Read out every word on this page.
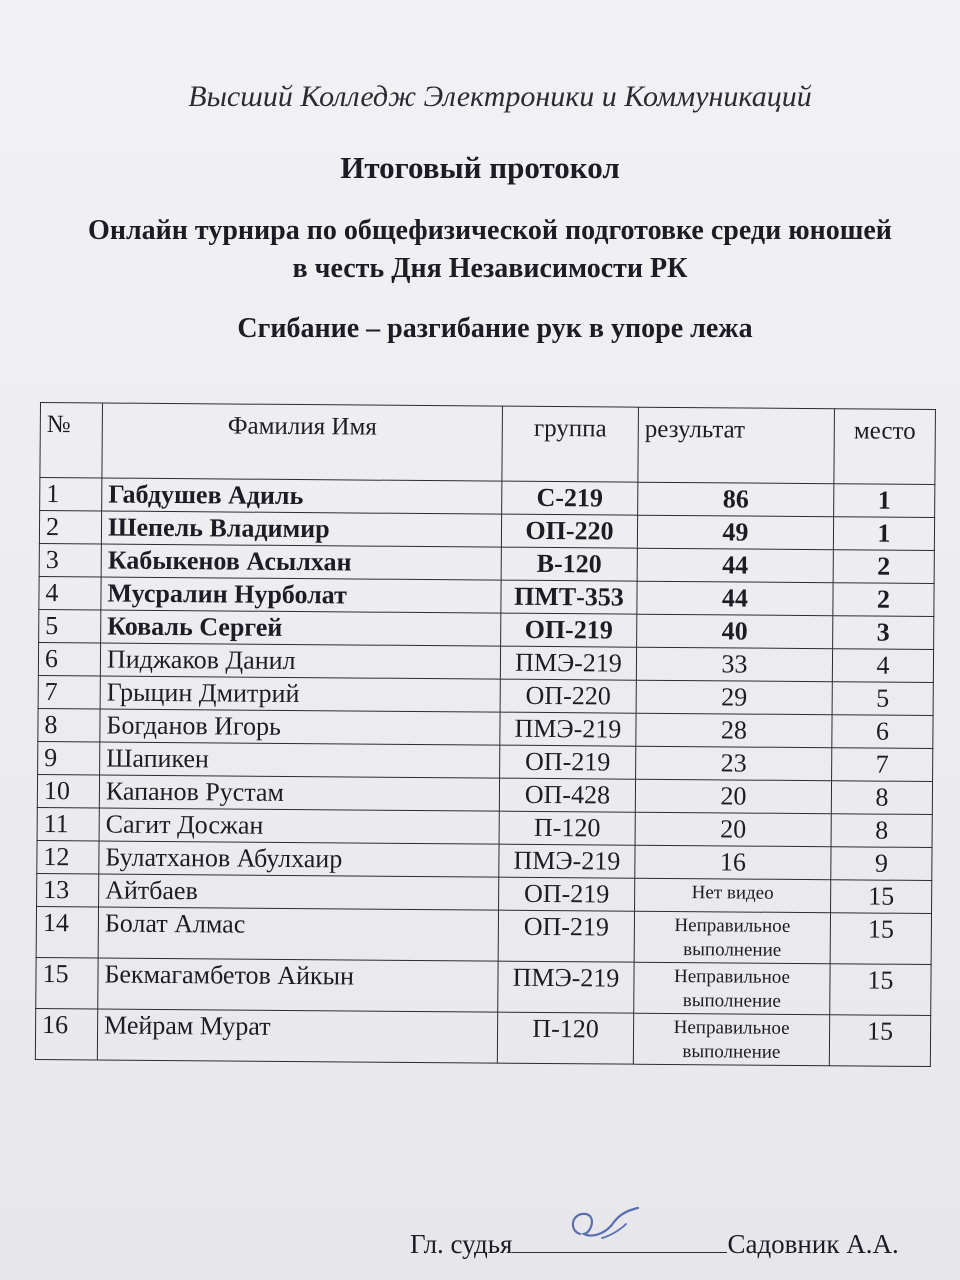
Высший Колледж Электроники и Коммуникаций
Итоговый протокол
Онлайн турнира по общефизической подготовке среди юношей
в честь Дня Независимости РК
Сгибание – разгибание рук в упоре лежа
№	Фамилия Имя	группа	результат	место
1	Габдушев Адиль	С-219	86	1
2	Шепель Владимир	ОП-220	49	1
3	Кабыкенов Асылхан	В-120	44	2
4	Мусралин Нурболат	ПМТ-353	44	2
5	Коваль Сергей	ОП-219	40	3
6	Пиджаков Данил	ПМЭ-219	33	4
7	Грыцин Дмитрий	ОП-220	29	5
8	Богданов Игорь	ПМЭ-219	28	6
9	Шапикен	ОП-219	23	7
10	Капанов Рустам	ОП-428	20	8
11	Сагит Досжан	П-120	20	8
12	Булатханов Абулхаир	ПМЭ-219	16	9
13	Айтбаев	ОП-219	Нет видео	15
14	Болат Алмас	ОП-219	Неправильное выполнение	15
15	Бекмагамбетов Айкын	ПМЭ-219	Неправильное выполнение	15
16	Мейрам Мурат	П-120	Неправильное выполнение	15
Гл. судья	Садовник А.А.
